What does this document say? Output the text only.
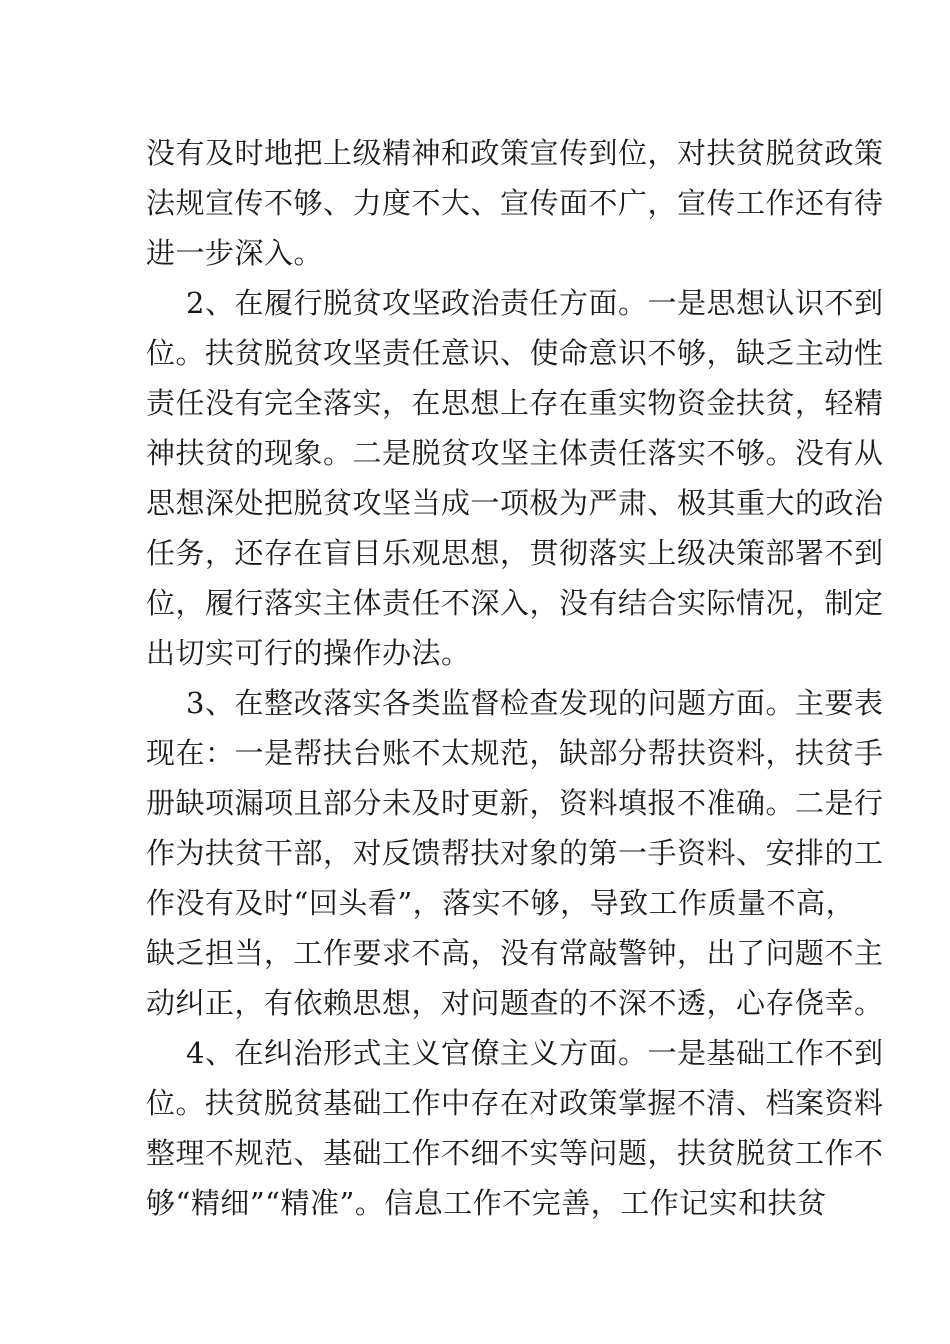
没有及时地把上级精神和政策宣传到位，对扶贫脱贫政策
法规宣传不够、力度不大、宣传面不广，宣传工作还有待
进一步深入。
2、在履行脱贫攻坚政治责任方面。一是思想认识不到
位。扶贫脱贫攻坚责任意识、使命意识不够，缺乏主动性
责任没有完全落实，在思想上存在重实物资金扶贫，轻精
神扶贫的现象。二是脱贫攻坚主体责任落实不够。没有从
思想深处把脱贫攻坚当成一项极为严肃、极其重大的政治
任务，还存在盲目乐观思想，贯彻落实上级决策部署不到
位，履行落实主体责任不深入，没有结合实际情况，制定
出切实可行的操作办法。
3、在整改落实各类监督检查发现的问题方面。主要表
现在：一是帮扶台账不太规范，缺部分帮扶资料，扶贫手
册缺项漏项且部分未及时更新，资料填报不准确。二是行
作为扶贫干部，对反馈帮扶对象的第一手资料、安排的工
作没有及时“回头看”，落实不够，导致工作质量不高，
缺乏担当，工作要求不高，没有常敲警钟，出了问题不主
动纠正，有依赖思想，对问题查的不深不透，心存侥幸。
4、在纠治形式主义官僚主义方面。一是基础工作不到
位。扶贫脱贫基础工作中存在对政策掌握不清、档案资料
整理不规范、基础工作不细不实等问题，扶贫脱贫工作不
够“精细”“精准”。信息工作不完善，工作记实和扶贫
